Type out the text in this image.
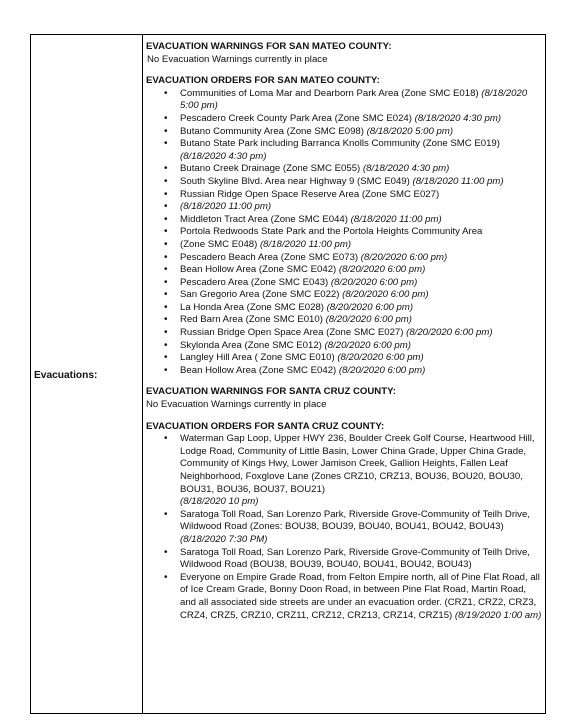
Evacuations:

EVACUATION WARNINGS FOR SAN MATEO COUNTY:

No Evacuation Warnings currently in place

EVACUATION ORDERS FOR SAN MATEO COUNTY:

• Communities of Loma Mar and Dearborn Park Area (Zone SMC E018) (8/18/2020 5:00 pm)
• Pescadero Creek County Park Area (Zone SMC E024) (8/18/2020 4:30 pm)
• Butano Community Area (Zone SMC E098) (8/18/2020 5:00 pm)
• Butano State Park including Barranca Knolls Community (Zone SMC E019) (8/18/2020 4:30 pm)
• Butano Creek Drainage (Zone SMC E055) (8/18/2020 4:30 pm)
• South Skyline Blvd. Area near Highway 9 (SMC E049) (8/18/2020 11:00 pm)
• Russian Ridge Open Space Reserve Area (Zone SMC E027)
• (8/18/2020 11:00 pm)
• Middleton Tract Area (Zone SMC E044) (8/18/2020 11:00 pm)
• Portola Redwoods State Park and the Portola Heights Community Area
• (Zone SMC E048) (8/18/2020 11:00 pm)
• Pescadero Beach Area (Zone SMC E073) (8/20/2020 6:00 pm)
• Bean Hollow Area (Zone SMC E042) (8/20/2020 6:00 pm)
• Pescadero Area (Zone SMC E043) (8/20/2020 6:00 pm)
• San Gregorio Area (Zone SMC E022) (8/20/2020 6:00 pm)
• La Honda Area (Zone SMC E028) (8/20/2020 6:00 pm)
• Red Barn Area (Zone SMC E010) (8/20/2020 6:00 pm)
• Russian Bridge Open Space Area (Zone SMC E027) (8/20/2020 6:00 pm)
• Skylonda Area (Zone SMC E012) (8/20/2020 6:00 pm)
• Langley Hill Area ( Zone SMC E010) (8/20/2020 6:00 pm)
• Bean Hollow Area (Zone SMC E042) (8/20/2020 6:00 pm)

EVACUATION WARNINGS FOR SANTA CRUZ COUNTY:

No Evacuation Warnings currently in place

EVACUATION ORDERS FOR SANTA CRUZ COUNTY:

• Waterman Gap Loop, Upper HWY 236, Boulder Creek Golf Course, Heartwood Hill, Lodge Road, Community of Little Basin, Lower China Grade, Upper China Grade, Community of Kings Hwy, Lower Jamison Creek, Gallion Heights, Fallen Leaf Neighborhood, Foxglove Lane (Zones CRZ10, CRZ13, BOU36, BOU20, BOU30, BOU31, BOU36, BOU37, BOU21)
(8/18/2020 10 pm)
• Saratoga Toll Road, San Lorenzo Park, Riverside Grove-Community of Teilh Drive, Wildwood Road (Zones: BOU38, BOU39, BOU40, BOU41, BOU42, BOU43)
(8/18/2020 7:30 PM)
• Saratoga Toll Road, San Lorenzo Park, Riverside Grove-Community of Teilh Drive, Wildwood Road (BOU38, BOU39, BOU40, BOU41, BOU42, BOU43)
• Everyone on Empire Grade Road, from Felton Empire north, all of Pine Flat Road, all of Ice Cream Grade, Bonny Doon Road, in between Pine Flat Road, Martin Road, and all associated side streets are under an evacuation order. (CRZ1, CRZ2, CRZ3, CRZ4, CRZ5, CRZ10, CRZ11, CRZ12, CRZ13, CRZ14, CRZ15) (8/19/2020 1:00 am)
